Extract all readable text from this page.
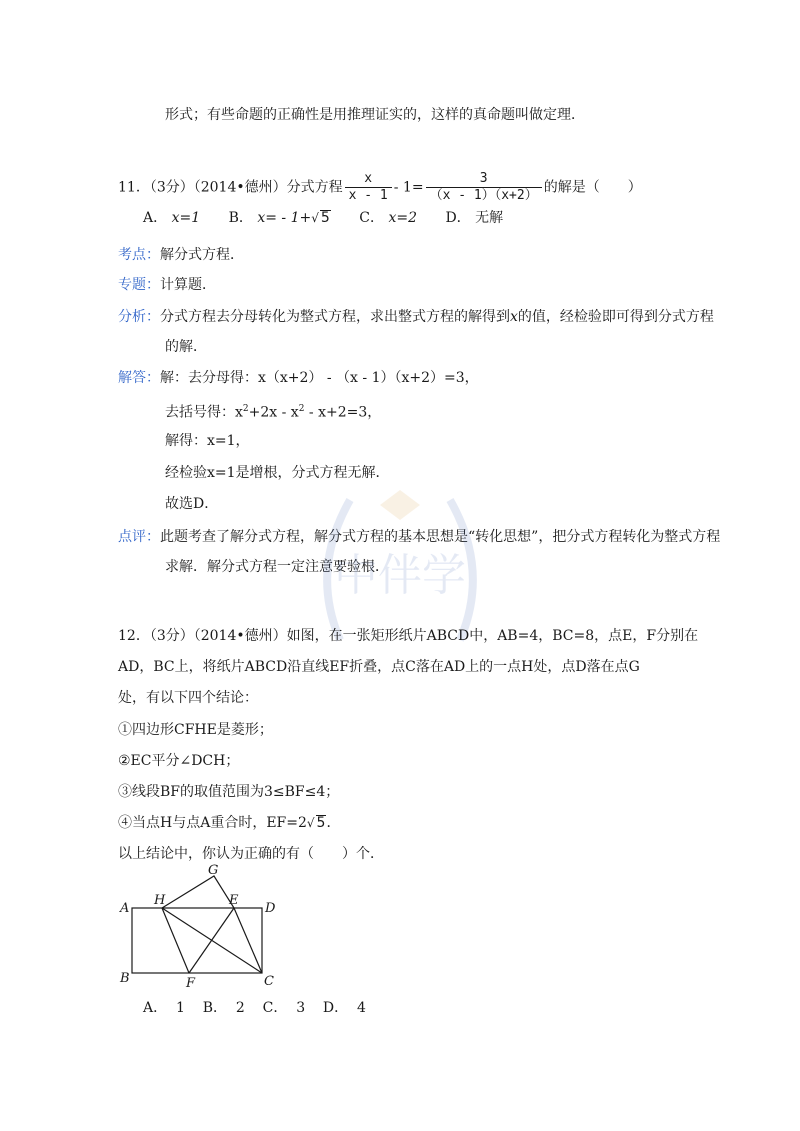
形式；有些命题的正确性是用推理证实的，这样的真命题叫做定理．
11．（3分）（2014•德州）分式方程 $\frac{x}{x - 1} - 1= \frac{3}{(x - 1)(x+2)}$ 的解是（　　）
A． x=1 B． x= - 1+√ 5 C． x=2 D． 无解
考点：解分式方程．
专题：计算题．
分析：分式方程去分母转化为整式方程，求出整式方程的解得到x的值，经检验即可得到分式方程
的解．
解答：解：去分母得：x（x+2） - （x - 1）（x+2）=3，
去括号得：$x^2+2x - x^2 - x+2=3$，
解得：x=1，
经检验x=1是增根，分式方程无解．
故选D．
点评：此题考查了解分式方程，解分式方程的基本思想是“转化思想”，把分式方程转化为整式方程
求解．解分式方程一定注意要验根．
中伴学
12．（3分）（2014•德州）如图，在一张矩形纸片ABCD中，AB=4，BC=8，点E，F分别在
AD，BC上，将纸片ABCD沿直线EF折叠，点C落在AD上的一点H处，点D落在点G
处，有以下四个结论：
①四边形CFHE是菱形；
②EC平分∠DCH；
③线段BF的取值范围为3≤BF≤4；
④当点H与点A重合时，EF=2√ 5．
以上结论中，你认为正确的有（　　）个．
A
H
G
E
D
B	F	C
A．  1    B．  2    C．  3    D．  4
